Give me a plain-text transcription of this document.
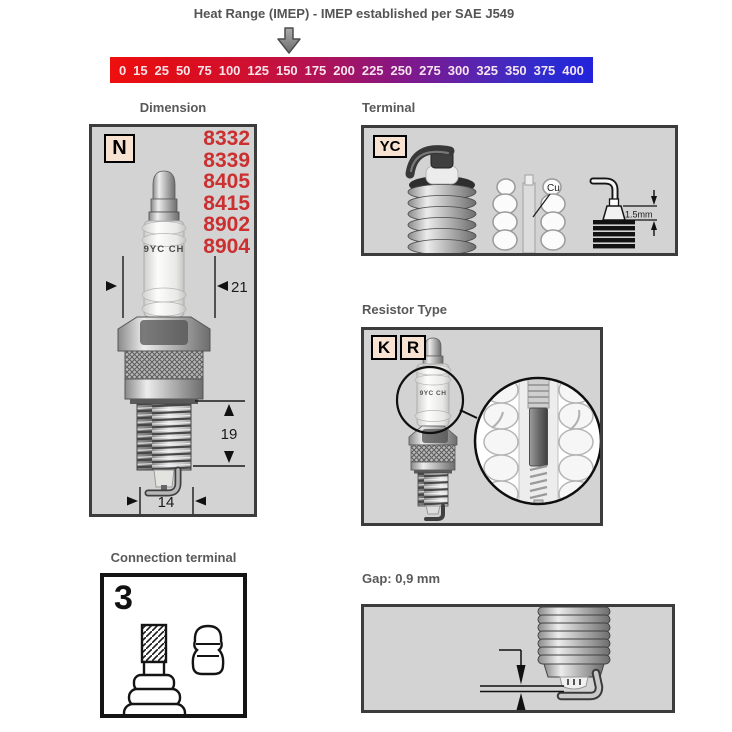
Heat Range (IMEP) - IMEP established per SAE J549
0 15 25 50 75 100 125 150 175 200 225 250 275 300 325 350 375 400
Dimension
9YC CH
21
19
14
N	8332
8339
8405
8415
8902
8904
Terminal
Cu
1.5mm
YC
Resistor Type
9YC CH
K R
Connection terminal
3
Gap: 0,9 mm
